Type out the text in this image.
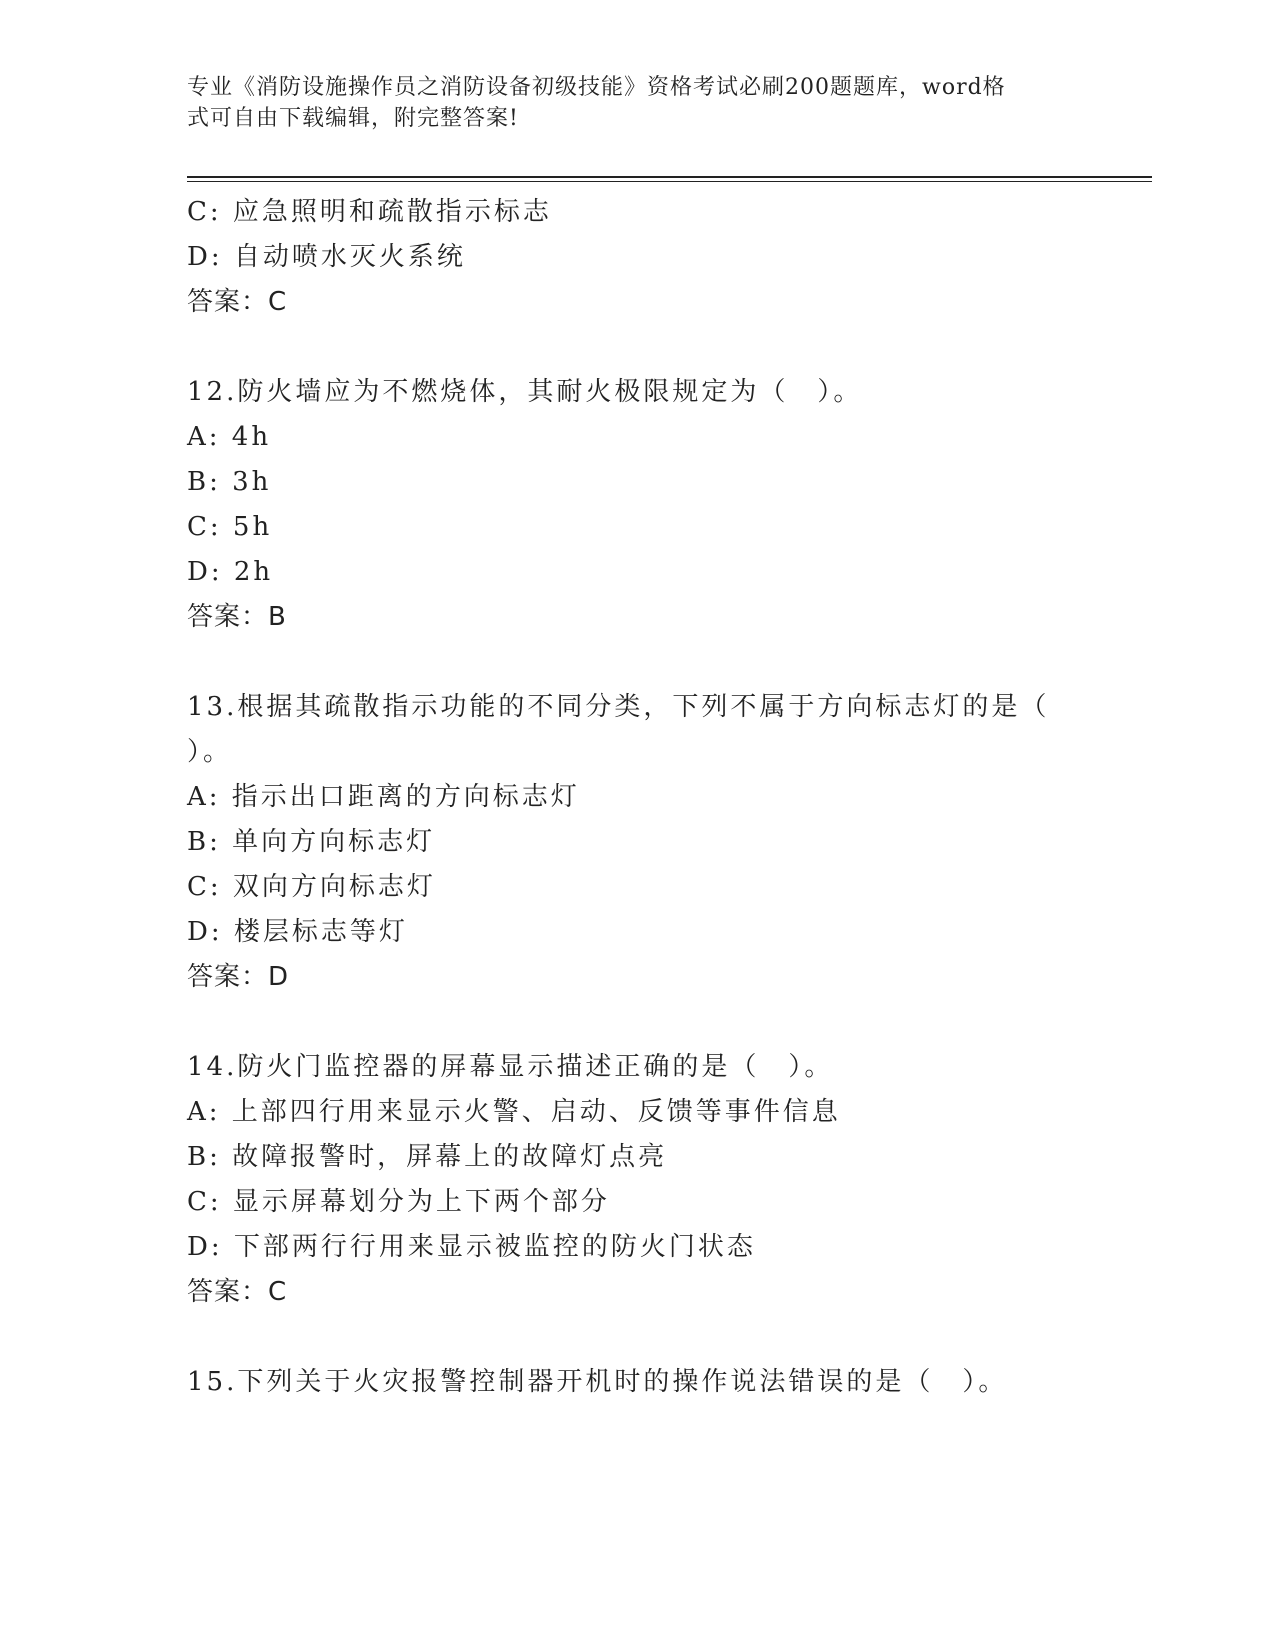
专业《消防设施操作员之消防设备初级技能》资格考试必刷200题题库，word格
式可自由下载编辑，附完整答案!
C: 应急照明和疏散指示标志
D: 自动喷水灭火系统
答案：C
12.防火墙应为不燃烧体，其耐火极限规定为（　）。
A: 4h
B: 3h
C: 5h
D: 2h
答案：B
13.根据其疏散指示功能的不同分类，下列不属于方向标志灯的是（
）。
A: 指示出口距离的方向标志灯
B: 单向方向标志灯
C: 双向方向标志灯
D: 楼层标志等灯
答案：D
14.防火门监控器的屏幕显示描述正确的是（　）。
A: 上部四行用来显示火警、启动、反馈等事件信息
B: 故障报警时，屏幕上的故障灯点亮
C: 显示屏幕划分为上下两个部分
D: 下部两行行用来显示被监控的防火门状态
答案：C
15.下列关于火灾报警控制器开机时的操作说法错误的是（　）。
